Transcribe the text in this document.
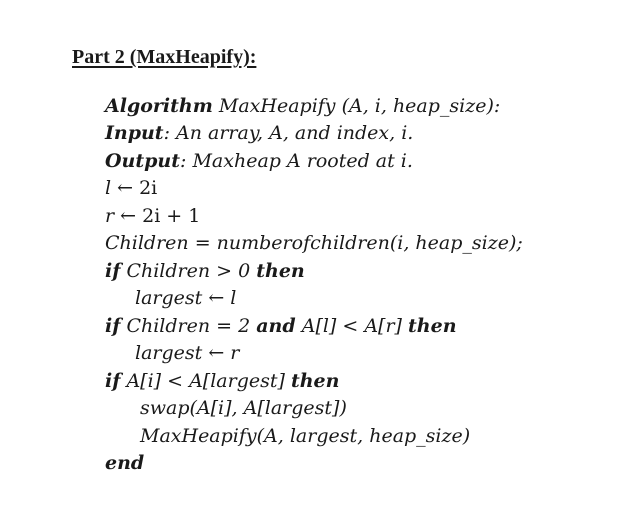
Part 2 (MaxHeapify):
Algorithm MaxHeapify (A, i, heap_size):
Input: An array, A, and index, i.
Output: Maxheap A rooted at i.
l ← 2i
r ← 2i + 1
Children = numberofchildren(i, heap_size);
if Children > 0 then
largest ← l
if Children = 2 and A[l] < A[r] then
largest ← r
if A[i] < A[largest] then
swap(A[i], A[largest])
MaxHeapify(A, largest, heap_size)
end
